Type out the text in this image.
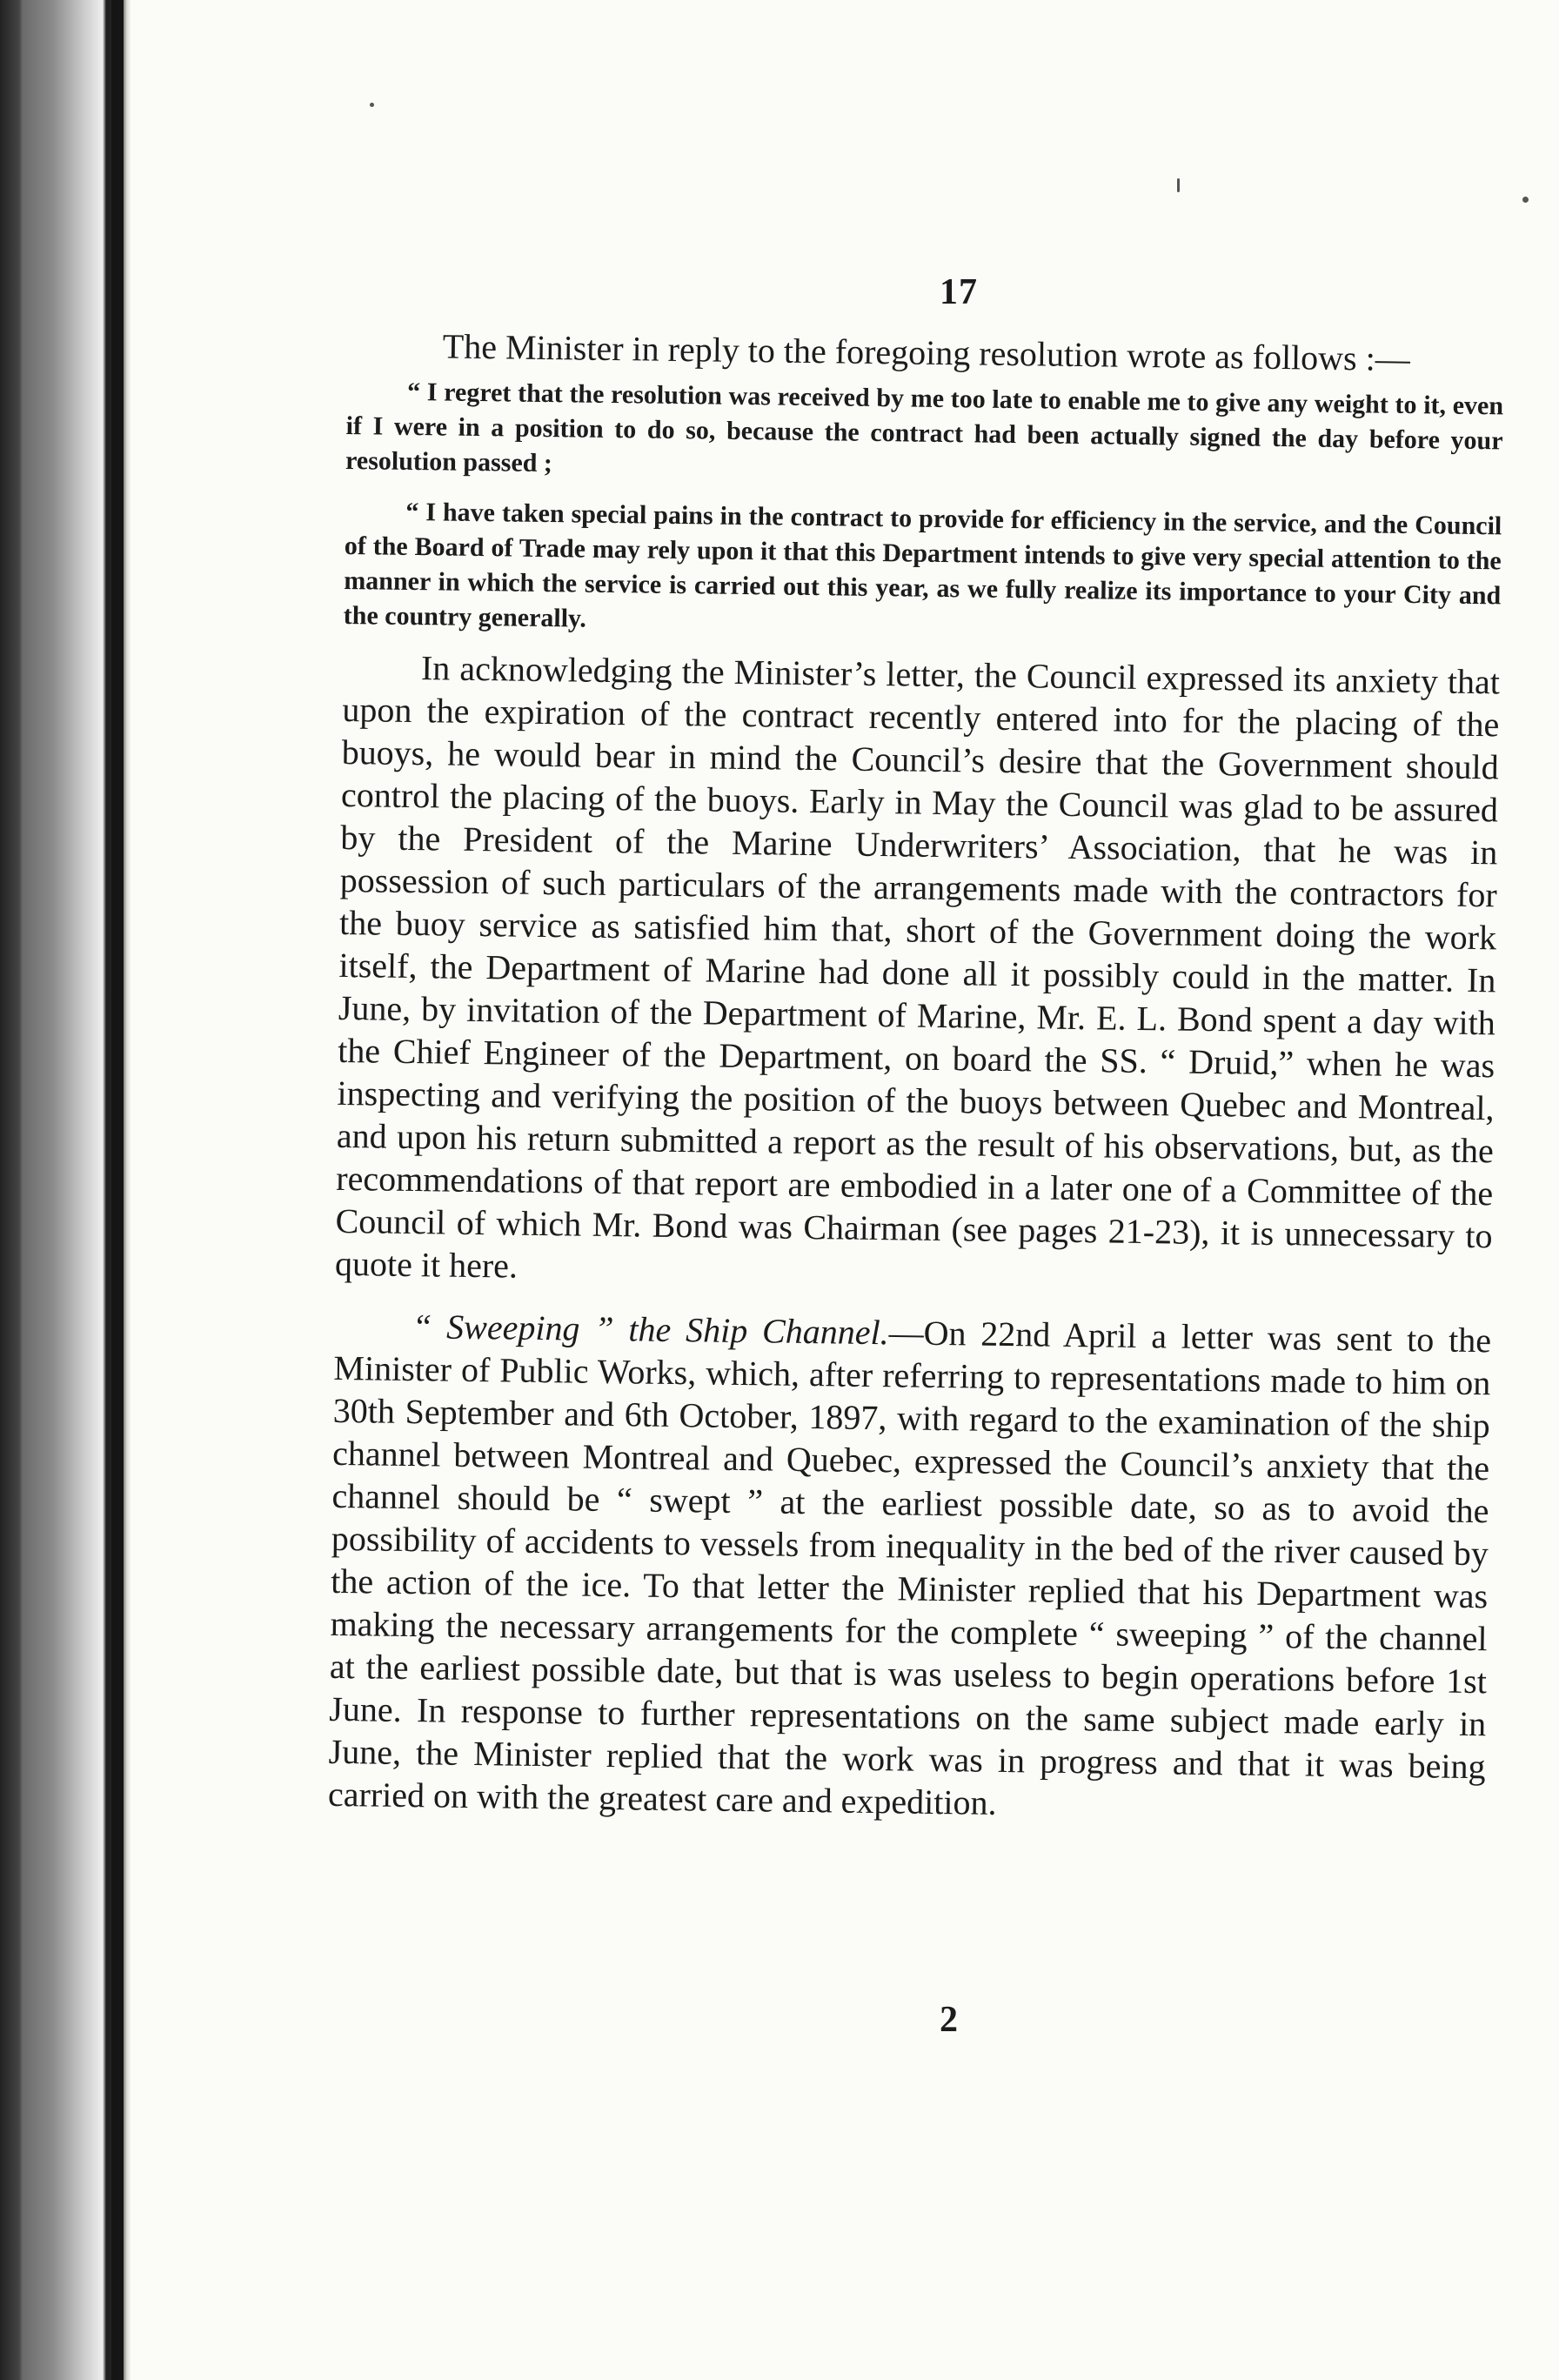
17
The Minister in reply to the foregoing resolution wrote as follows :—

“ I regret that the resolution was received by me too late to enable me to give any weight to it, even if I were in a position to do so, because the contract had been actually signed the day before your resolution passed ;

“ I have taken special pains in the contract to provide for efficiency in the service, and the Council of the Board of Trade may rely upon it that this Department intends to give very special attention to the manner in which the service is carried out this year, as we fully realize its importance to your City and the country generally.

In acknowledging the Minister’s letter, the Council expressed its anxiety that upon the expiration of the contract recently entered into for the placing of the buoys, he would bear in mind the Council’s desire that the Government should control the placing of the buoys. Early in May the Council was glad to be assured by the President of the Marine Underwriters’ Association, that he was in possession of such particulars of the arrangements made with the contractors for the buoy service as satisfied him that, short of the Government doing the work itself, the Department of Marine had done all it possibly could in the matter. In June, by invitation of the Department of Marine, Mr. E. L. Bond spent a day with the Chief Engineer of the Department, on board the SS. “ Druid,” when he was inspecting and verifying the position of the buoys between Quebec and Montreal, and upon his return submitted a report as the result of his observations, but, as the recommendations of that report are embodied in a later one of a Committee of the Council of which Mr. Bond was Chairman (see pages 21-23), it is unnecessary to quote it here.

“ Sweeping ” the Ship Channel.—On 22nd April a letter was sent to the Minister of Public Works, which, after referring to representations made to him on 30th September and 6th October, 1897, with regard to the examination of the ship channel between Montreal and Quebec, expressed the Council’s anxiety that the channel should be “ swept ” at the earliest possible date, so as to avoid the possibility of accidents to vessels from inequality in the bed of the river caused by the action of the ice. To that letter the Minister replied that his Department was making the necessary arrangements for the complete “ sweeping ” of the channel at the earliest possible date, but that is was useless to begin operations before 1st June. In response to further representations on the same subject made early in June, the Minister replied that the work was in progress and that it was being carried on with the greatest care and expedition.

2
